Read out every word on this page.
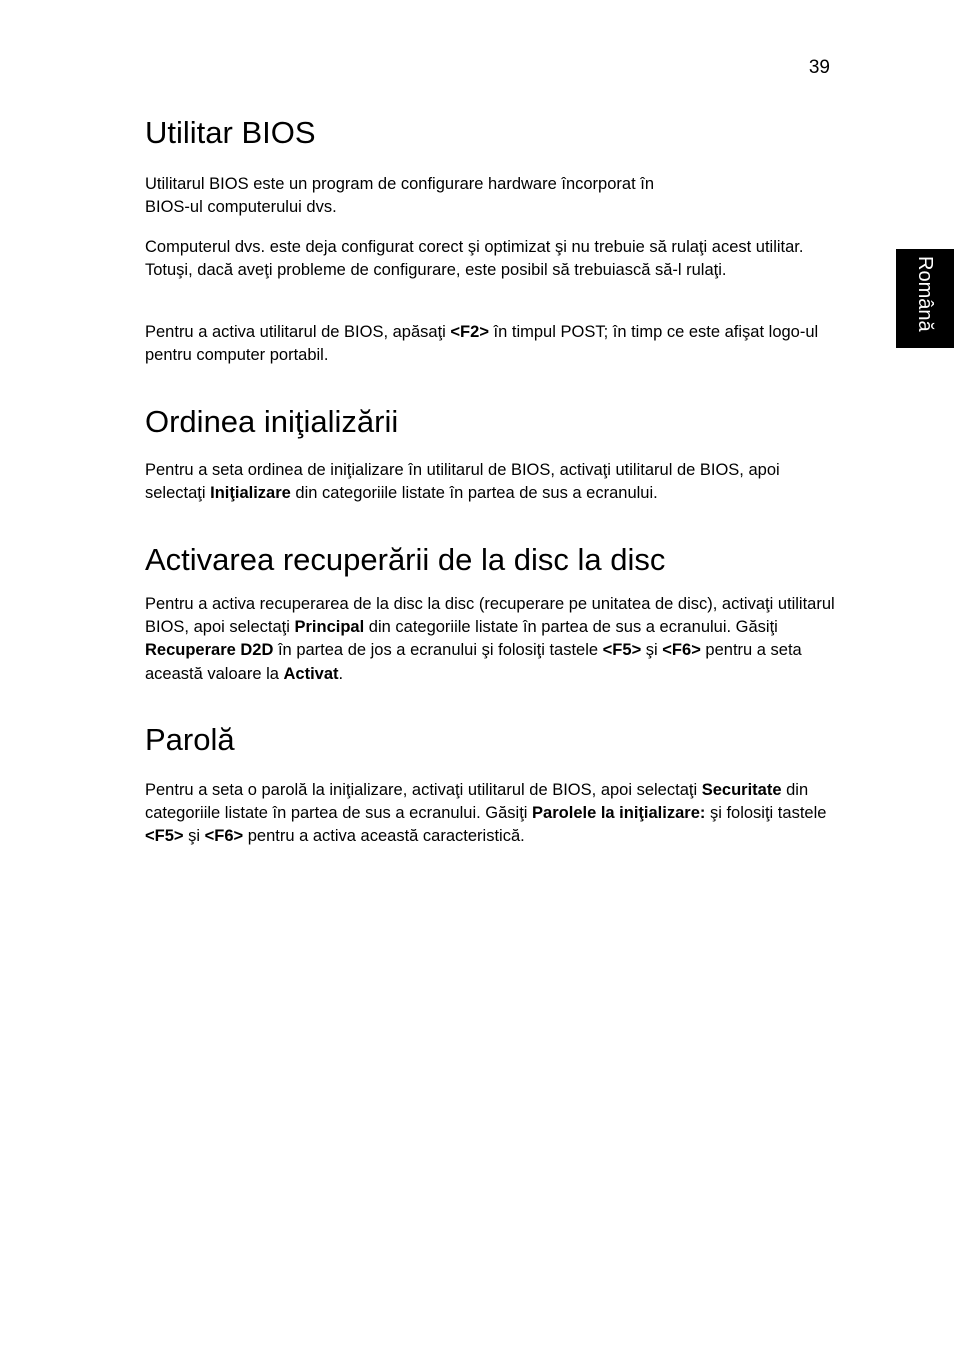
39
Română
Utilitar BIOS

Utilitarul BIOS este un program de configurare hardware încorporat în
BIOS-ul computerului dvs.

Computerul dvs. este deja configurat corect şi optimizat şi nu trebuie să rulaţi acest utilitar. Totuşi, dacă aveţi probleme de configurare, este posibil să trebuiască să-l rulaţi.

Pentru a activa utilitarul de BIOS, apăsaţi <F2> în timpul POST; în timp ce este afişat logo-ul pentru computer portabil.

Ordinea iniţializării

Pentru a seta ordinea de iniţializare în utilitarul de BIOS, activaţi utilitarul de BIOS, apoi selectaţi Iniţializare din categoriile listate în partea de sus a ecranului.

Activarea recuperării de la disc la disc

Pentru a activa recuperarea de la disc la disc (recuperare pe unitatea de disc), activaţi utilitarul BIOS, apoi selectaţi Principal din categoriile listate în partea de sus a ecranului. Găsiţi Recuperare D2D în partea de jos a ecranului şi folosiţi tastele <F5> şi <F6> pentru a seta această valoare la Activat.

Parolă

Pentru a seta o parolă la iniţializare, activaţi utilitarul de BIOS, apoi selectaţi Securitate din categoriile listate în partea de sus a ecranului. Găsiţi Parolele la iniţializare: şi folosiţi tastele <F5> şi <F6> pentru a activa această caracteristică.
